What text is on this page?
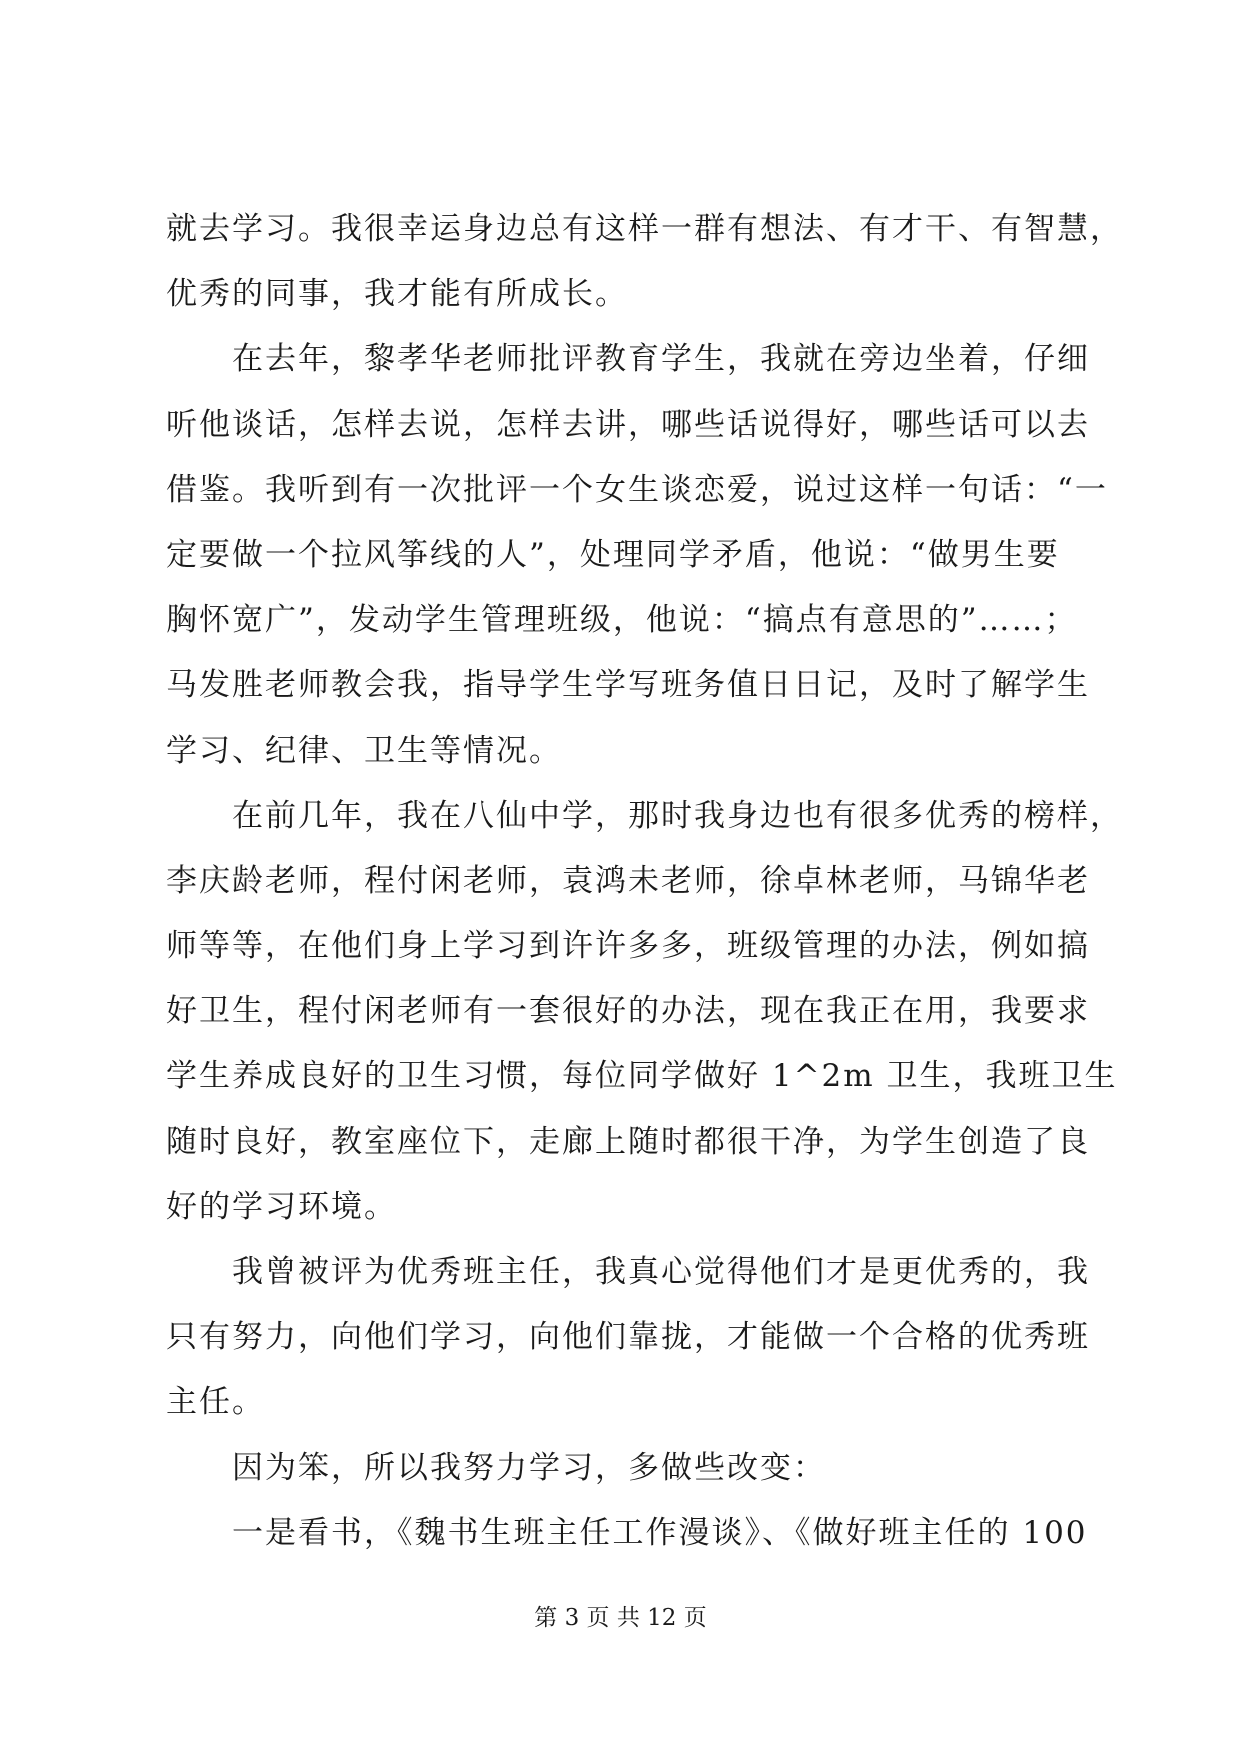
就去学习。我很幸运身边总有这样一群有想法、有才干、有智慧，
优秀的同事，我才能有所成长。
在去年，黎孝华老师批评教育学生，我就在旁边坐着，仔细
听他谈话，怎样去说，怎样去讲，哪些话说得好，哪些话可以去
借鉴。我听到有一次批评一个女生谈恋爱，说过这样一句话：“一
定要做一个拉风筝线的人”，处理同学矛盾，他说：“做男生要
胸怀宽广”，发动学生管理班级，他说：“搞点有意思的”……；
马发胜老师教会我，指导学生学写班务值日日记，及时了解学生
学习、纪律、卫生等情况。
在前几年，我在八仙中学，那时我身边也有很多优秀的榜样，
李庆龄老师，程付闲老师，袁鸿未老师，徐卓林老师，马锦华老
师等等，在他们身上学习到许许多多，班级管理的办法，例如搞
好卫生，程付闲老师有一套很好的办法，现在我正在用，我要求
学生养成良好的卫生习惯，每位同学做好 1^2m 卫生，我班卫生
随时良好，教室座位下，走廊上随时都很干净，为学生创造了良
好的学习环境。
我曾被评为优秀班主任，我真心觉得他们才是更优秀的，我
只有努力，向他们学习，向他们靠拢，才能做一个合格的优秀班
主任。
因为笨，所以我努力学习，多做些改变：
一是看书，《魏书生班主任工作漫谈》、《做好班主任的 100
第 3 页 共 12 页
